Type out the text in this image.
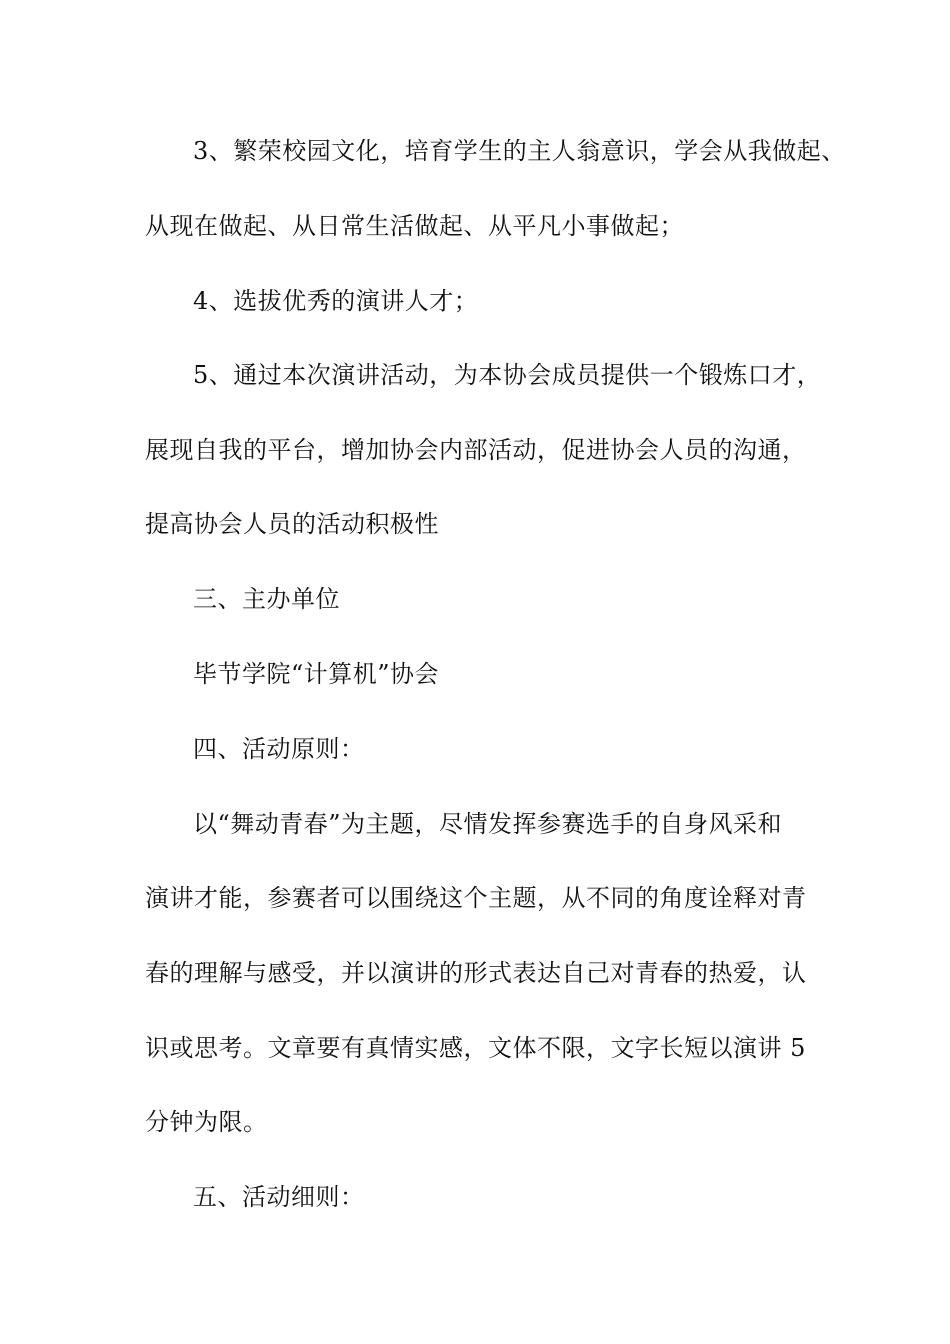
3、繁荣校园文化，培育学生的主人翁意识，学会从我做起、
从现在做起、从日常生活做起、从平凡小事做起；
4、选拔优秀的演讲人才；
5、通过本次演讲活动，为本协会成员提供一个锻炼口才，
展现自我的平台，增加协会内部活动，促进协会人员的沟通，
提高协会人员的活动积极性
三、主办单位
毕节学院“计算机”协会
四、活动原则：
以“舞动青春”为主题，尽情发挥参赛选手的自身风采和
演讲才能，参赛者可以围绕这个主题，从不同的角度诠释对青
春的理解与感受，并以演讲的形式表达自己对青春的热爱，认
识或思考。文章要有真情实感，文体不限，文字长短以演讲 5
分钟为限。
五、活动细则：
